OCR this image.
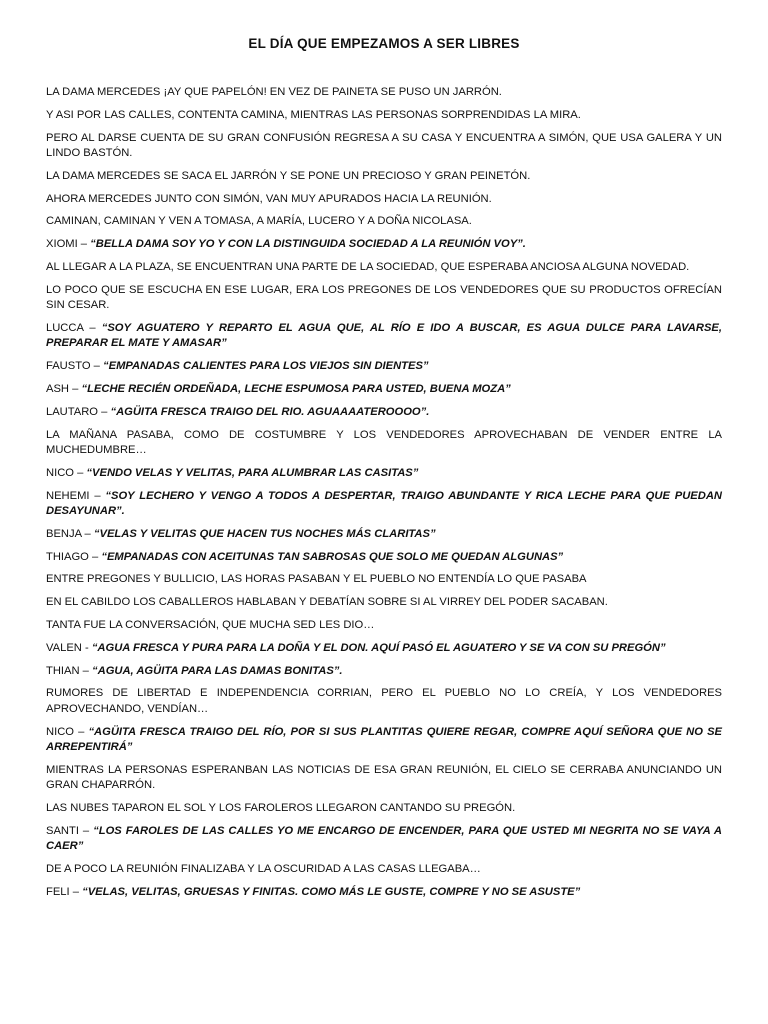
EL DÍA QUE EMPEZAMOS A SER LIBRES

LA DAMA MERCEDES ¡AY QUE PAPELÓN! EN VEZ DE PAINETA SE PUSO UN JARRÓN.

Y ASI POR LAS CALLES, CONTENTA CAMINA, MIENTRAS LAS PERSONAS SORPRENDIDAS LA MIRA.

PERO AL DARSE CUENTA DE SU GRAN CONFUSIÓN REGRESA A SU CASA Y ENCUENTRA A SIMÓN, QUE USA GALERA Y UN LINDO BASTÓN.

LA DAMA MERCEDES SE SACA EL JARRÓN Y SE PONE UN PRECIOSO Y GRAN PEINETÓN.

AHORA MERCEDES JUNTO CON SIMÓN, VAN MUY APURADOS HACIA LA REUNIÓN.

CAMINAN, CAMINAN Y VEN A TOMASA, A MARÍA, LUCERO Y A DOÑA NICOLASA.

XIOMI – “BELLA DAMA SOY YO Y CON LA DISTINGUIDA SOCIEDAD A LA REUNIÓN VOY”.

AL LLEGAR A LA PLAZA, SE ENCUENTRAN UNA PARTE DE LA SOCIEDAD, QUE ESPERABA ANCIOSA ALGUNA NOVEDAD.

LO POCO QUE SE ESCUCHA EN ESE LUGAR, ERA LOS PREGONES DE LOS VENDEDORES QUE SU PRODUCTOS OFRECÍAN SIN CESAR.

LUCCA – “SOY AGUATERO Y REPARTO EL AGUA QUE, AL RÍO E IDO A BUSCAR, ES AGUA DULCE PARA LAVARSE, PREPARAR EL MATE Y AMASAR”

FAUSTO – “EMPANADAS CALIENTES PARA LOS VIEJOS SIN DIENTES”

ASH – “LECHE RECIÉN ORDEÑADA, LECHE ESPUMOSA PARA USTED, BUENA MOZA”

LAUTARO – “AGÜITA FRESCA TRAIGO DEL RIO. AGUAAAATEROOOO”.

LA MAÑANA PASABA, COMO DE COSTUMBRE Y LOS VENDEDORES APROVECHABAN DE VENDER ENTRE LA MUCHEDUMBRE…

NICO – “VENDO VELAS Y VELITAS, PARA ALUMBRAR LAS CASITAS”

NEHEMI – “SOY LECHERO Y VENGO A TODOS A DESPERTAR, TRAIGO ABUNDANTE Y RICA LECHE PARA QUE PUEDAN DESAYUNAR”.

BENJA – “VELAS Y VELITAS QUE HACEN TUS NOCHES MÁS CLARITAS”

THIAGO – “EMPANADAS CON ACEITUNAS TAN SABROSAS QUE SOLO ME QUEDAN ALGUNAS”

ENTRE PREGONES Y BULLICIO, LAS HORAS PASABAN Y EL PUEBLO NO ENTENDÍA LO QUE PASABA

EN EL CABILDO LOS CABALLEROS HABLABAN Y DEBATÍAN SOBRE SI AL VIRREY DEL PODER SACABAN.

TANTA FUE LA CONVERSACIÓN, QUE MUCHA SED LES DIO…

VALEN - “AGUA FRESCA Y PURA PARA LA DOÑA Y EL DON. AQUÍ PASÓ EL AGUATERO Y SE VA CON SU PREGÓN”

THIAN – “AGUA, AGÜITA PARA LAS DAMAS BONITAS”.

RUMORES DE LIBERTAD E INDEPENDENCIA CORRIAN, PERO EL PUEBLO NO LO CREÍA, Y LOS VENDEDORES APROVECHANDO, VENDÍAN…

NICO – “AGÜITA FRESCA TRAIGO DEL RÍO, POR SI SUS PLANTITAS QUIERE REGAR, COMPRE AQUÍ SEÑORA QUE NO SE ARREPENTIRÁ”

MIENTRAS LA PERSONAS ESPERANBAN LAS NOTICIAS DE ESA GRAN REUNIÓN, EL CIELO SE CERRABA ANUNCIANDO UN GRAN CHAPARRÓN.

LAS NUBES TAPARON EL SOL Y LOS FAROLEROS LLEGARON CANTANDO SU PREGÓN.

SANTI – “LOS FAROLES DE LAS CALLES YO ME ENCARGO DE ENCENDER, PARA QUE USTED MI NEGRITA NO SE VAYA A CAER”

DE A POCO LA REUNIÓN FINALIZABA Y LA OSCURIDAD A LAS CASAS LLEGABA…

FELI – “VELAS, VELITAS, GRUESAS Y FINITAS. COMO MÁS LE GUSTE, COMPRE Y NO SE ASUSTE”
